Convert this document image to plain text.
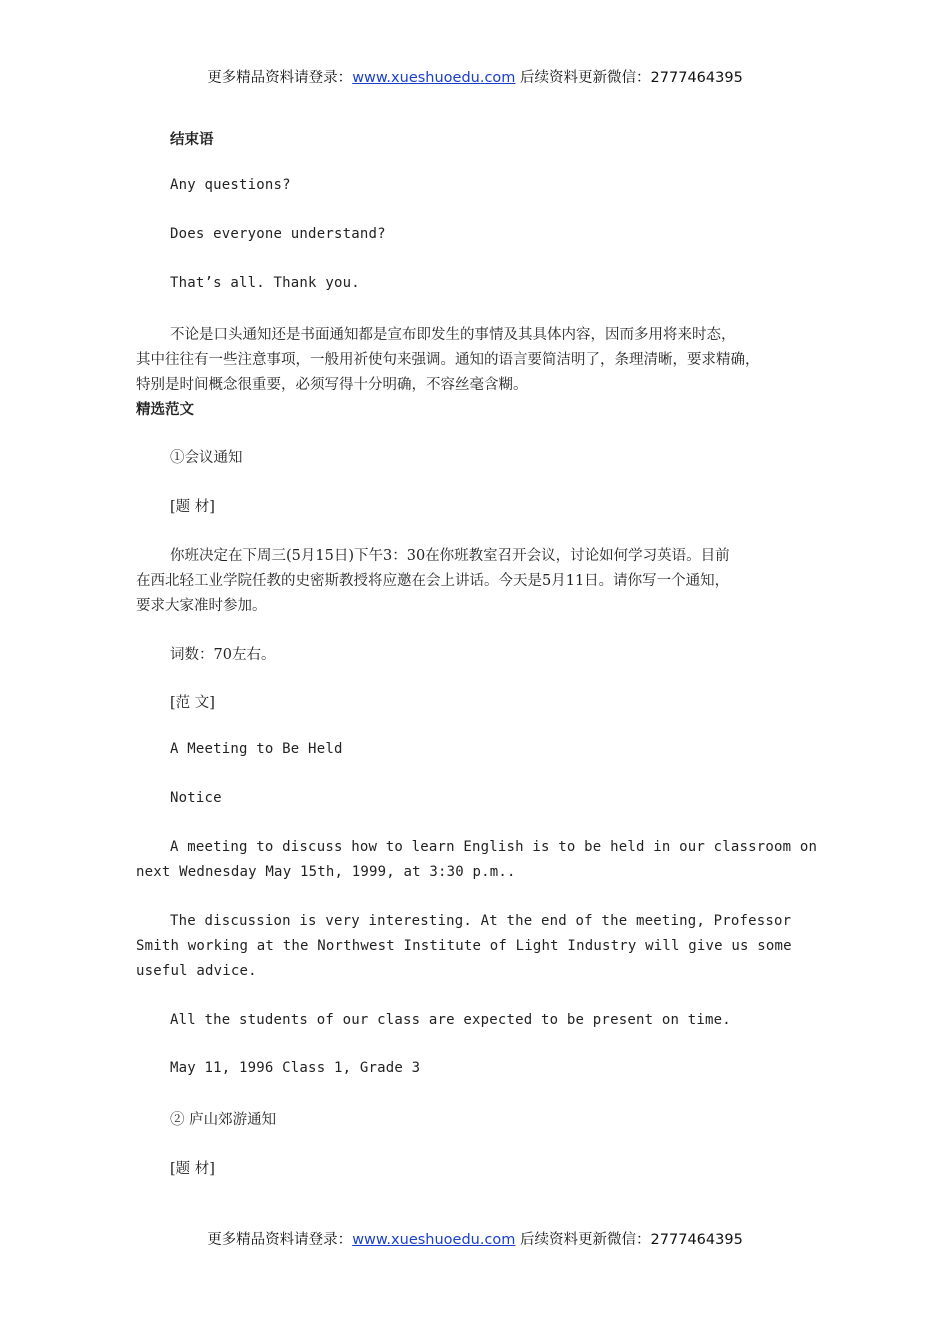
更多精品资料请登录：www.xueshuoedu.com 后续资料更新微信：2777464395
结束语
Any questions?
Does everyone understand?
That’s all. Thank you.
不论是口头通知还是书面通知都是宣布即发生的事情及其具体内容，因而多用将来时态，
其中往往有一些注意事项，一般用祈使句来强调。通知的语言要简洁明了，条理清晰，要求精确，
特别是时间概念很重要，必须写得十分明确，不容丝毫含糊。
精选范文
①会议通知
[题 材]
你班决定在下周三(5月15日)下午3：30在你班教室召开会议，讨论如何学习英语。目前
在西北轻工业学院任教的史密斯教授将应邀在会上讲话。今天是5月11日。请你写一个通知，
要求大家准时参加。
词数：70左右。
[范 文]
A Meeting to Be Held
Notice
A meeting to discuss how to learn English is to be held in our classroom on
next Wednesday May 15th, 1999, at 3:30 p.m..
The discussion is very interesting. At the end of the meeting, Professor
Smith working at the Northwest Institute of Light Industry will give us some
useful advice.
All the students of our class are expected to be present on time.
May 11, 1996 Class 1, Grade 3
② 庐山郊游通知
[题 材]
更多精品资料请登录：www.xueshuoedu.com 后续资料更新微信：2777464395
